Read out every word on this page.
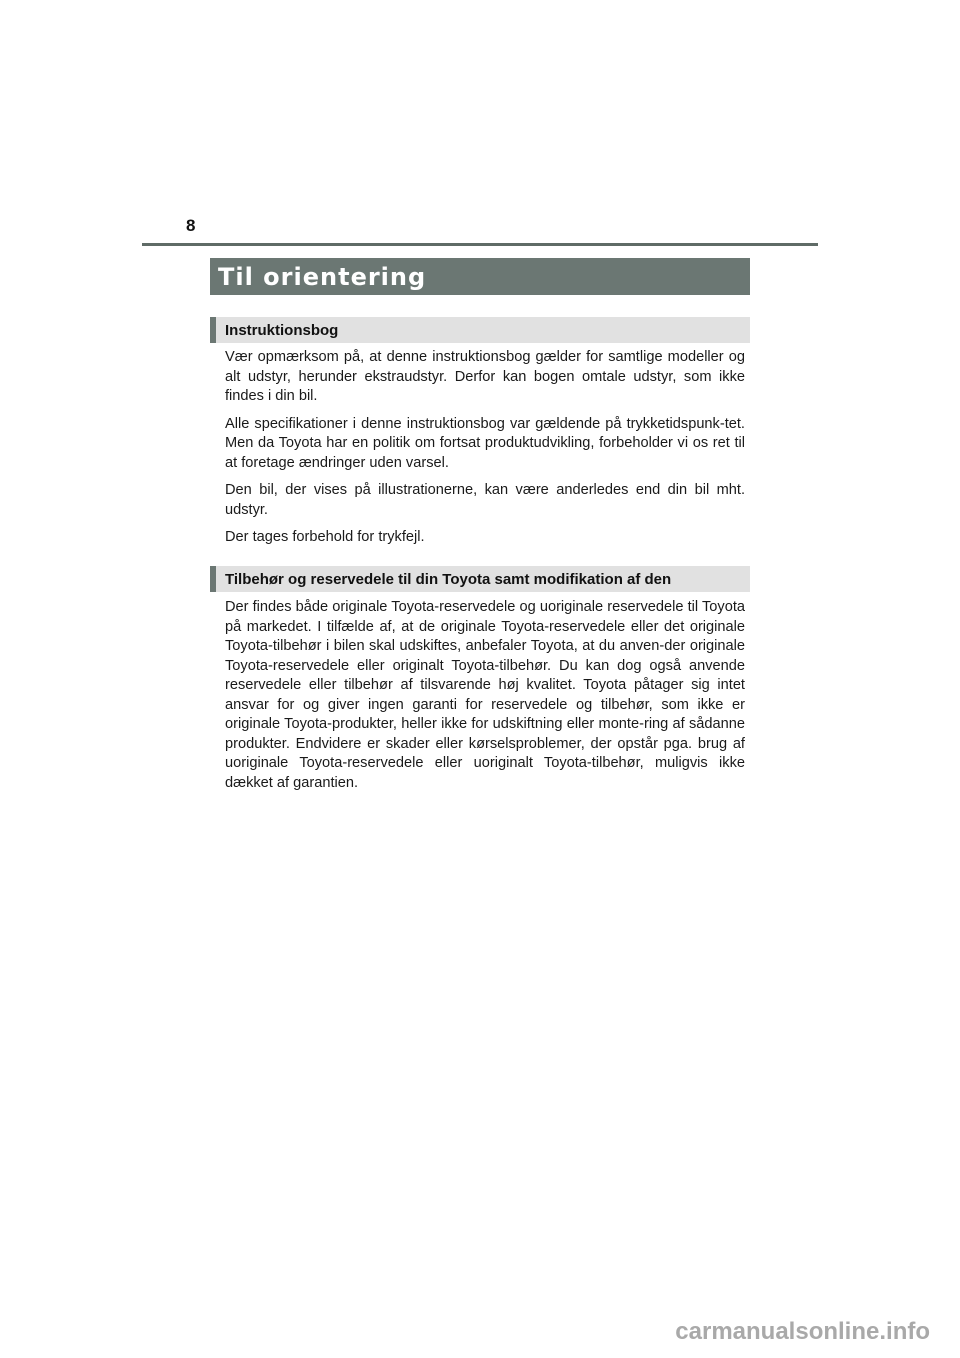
8
Til orientering
Instruktionsbog

Vær opmærksom på, at denne instruktionsbog gælder for samtlige modeller og alt udstyr, herunder ekstraudstyr. Derfor kan bogen omtale udstyr, som ikke findes i din bil.

Alle specifikationer i denne instruktionsbog var gældende på trykketidspunk-tet. Men da Toyota har en politik om fortsat produktudvikling, forbeholder vi os ret til at foretage ændringer uden varsel.

Den bil, der vises på illustrationerne, kan være anderledes end din bil mht. udstyr.

Der tages forbehold for trykfejl.

Tilbehør og reservedele til din Toyota samt modifikation af den

Der findes både originale Toyota-reservedele og uoriginale reservedele til Toyota på markedet. I tilfælde af, at de originale Toyota-reservedele eller det originale Toyota-tilbehør i bilen skal udskiftes, anbefaler Toyota, at du anven-der originale Toyota-reservedele eller originalt Toyota-tilbehør. Du kan dog også anvende reservedele eller tilbehør af tilsvarende høj kvalitet. Toyota påtager sig intet ansvar for og giver ingen garanti for reservedele og tilbehør, som ikke er originale Toyota-produkter, heller ikke for udskiftning eller monte-ring af sådanne produkter. Endvidere er skader eller kørselsproblemer, der opstår pga. brug af uoriginale Toyota-reservedele eller uoriginalt Toyota-tilbehør, muligvis ikke dækket af garantien.

carmanualsonline.info
